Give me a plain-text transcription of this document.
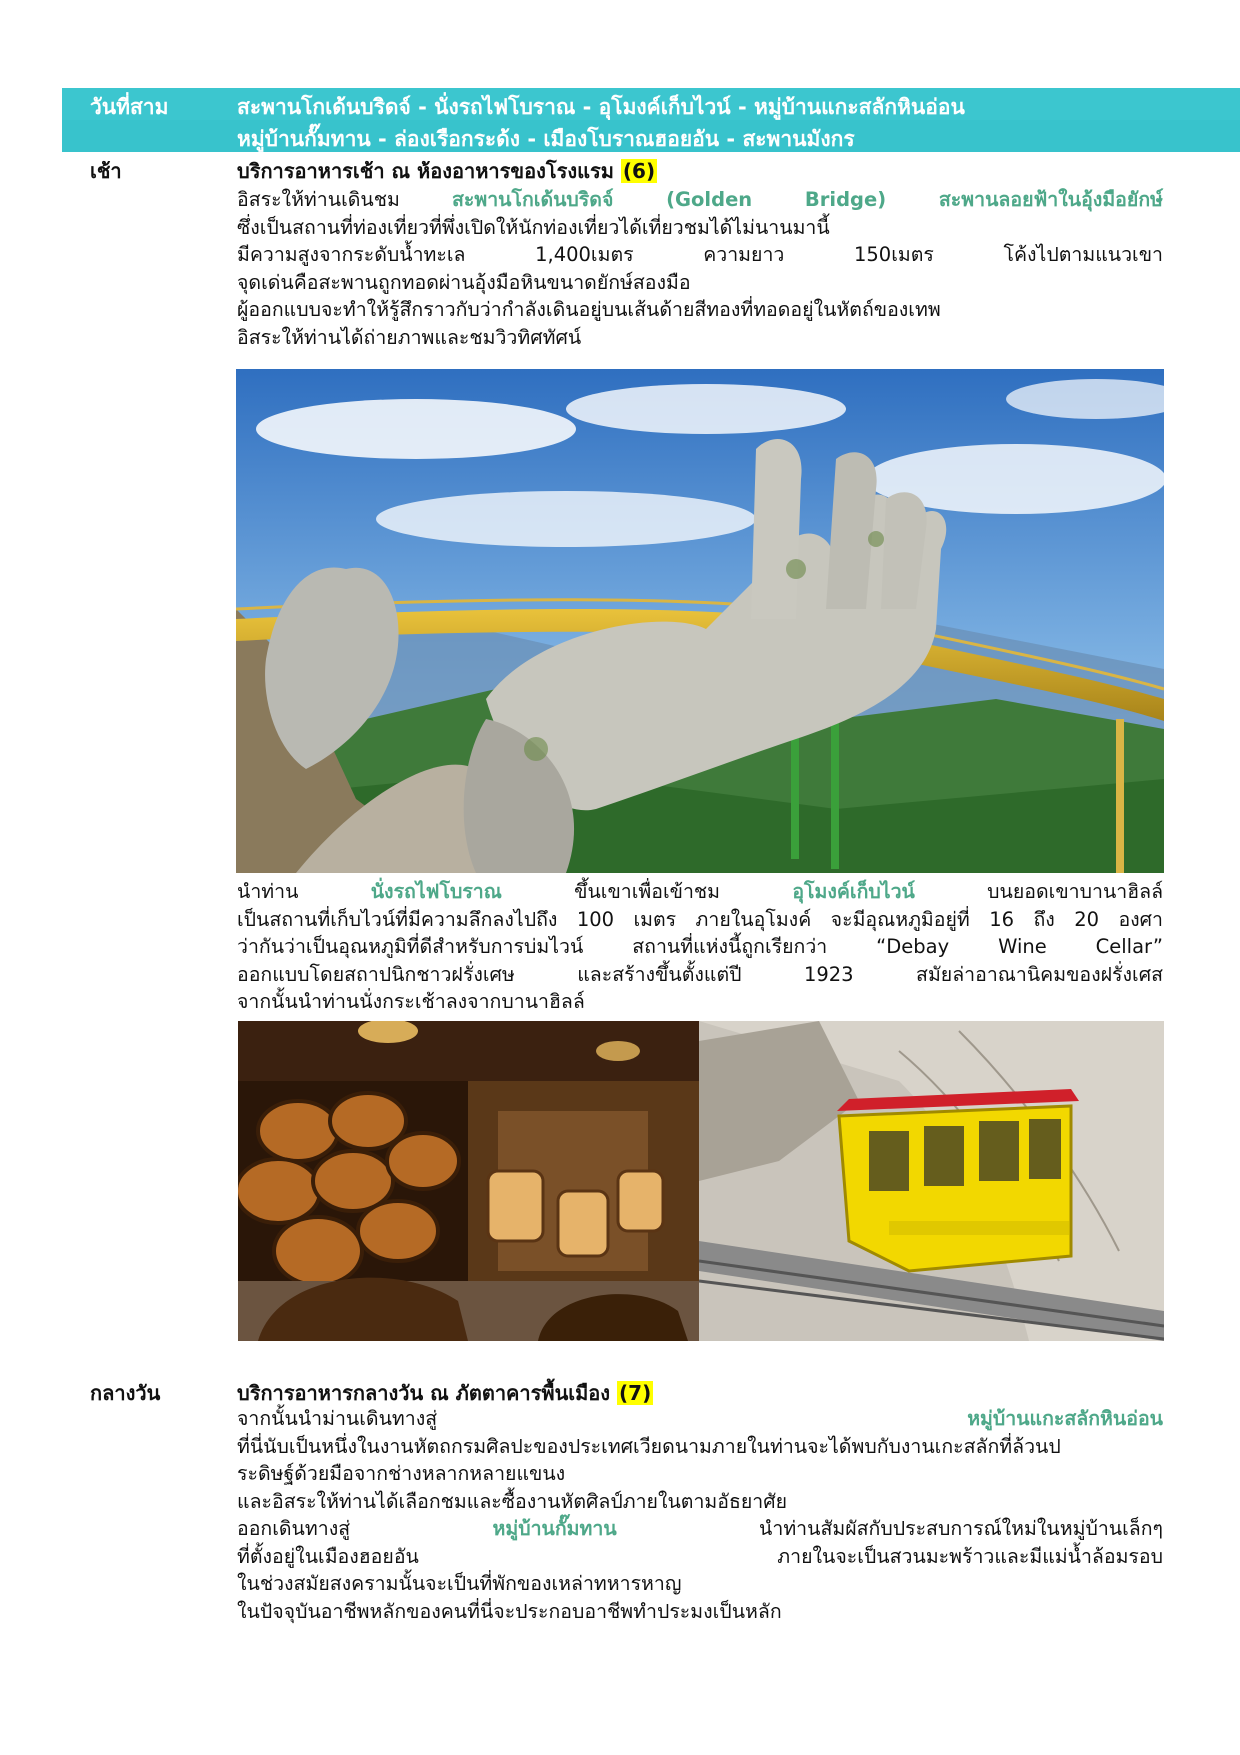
วันที่สาม	สะพานโกเด้นบริดจ์ - นั่งรถไฟโบราณ - อุโมงค์เก็บไวน์ - หมู่บ้านแกะสลักหินอ่อน
หมู่บ้านกั๊มทาน - ล่องเรือกระด้ง - เมืองโบราณฮอยอัน - สะพานมังกร
เช้า	บริการอาหารเช้า ณ ห้องอาหารของโรงแรม (6)
อิสระให้ท่านเดินชม	สะพานโกเด้นบริดจ์ (Golden Bridge) สะพานลอยฟ้าในอุ้งมือยักษ์
ซึ่งเป็นสถานที่ท่องเที่ยวที่พึ่งเปิดให้นักท่องเที่ยวได้เที่ยวชมได้ไม่นานมานี้
มีความสูงจากระดับน้ำทะเล 1,400เมตร ความยาว 150เมตร โค้งไปตามแนวเขา
จุดเด่นคือสะพานถูกทอดผ่านอุ้งมือหินขนาดยักษ์สองมือ
ผู้ออกแบบจะทำให้รู้สึกราวกับว่ากำลังเดินอยู่บนเส้นด้ายสีทองที่ทอดอยู่ในหัตถ์ของเทพ
อิสระให้ท่านได้ถ่ายภาพและชมวิวทิศทัศน์
นำท่าน	นั่งรถไฟโบราณ	ขึ้นเขาเพื่อเข้าชม	อุโมงค์เก็บไวน์	บนยอดเขาบานาฮิลล์
เป็นสถานที่เก็บไวน์ที่มีความลึกลงไปถึง 100 เมตร ภายในอุโมงค์ จะมีอุณหภูมิอยู่ที่ 16 ถึง 20 องศา
ว่ากันว่าเป็นอุณหภูมิที่ดีสำหรับการบ่มไวน์ สถานที่แห่งนี้ถูกเรียกว่า “Debay Wine Cellar”
ออกแบบโดยสถาปนิกชาวฝรั่งเศษ และสร้างขึ้นตั้งแต่ปี 1923 สมัยล่าอาณานิคมของฝรั่งเศส
จากนั้นนำท่านนั่งกระเช้าลงจากบานาฮิลล์
กลางวัน	บริการอาหารกลางวัน ณ ภัตตาคารพื้นเมือง (7)
จากนั้นนำม่านเดินทางสู่	หมู่บ้านแกะสลักหินอ่อน
ที่นี่นับเป็นหนึ่งในงานหัตถกรมศิลปะของประเทศเวียดนามภายในท่านจะได้พบกับงานเกะสลักที่ล้วนป
ระดิษฐ์ด้วยมือจากช่างหลากหลายแขนง
และอิสระให้ท่านได้เลือกชมและซื้องานหัตศิลป์ภายในตามอัธยาศัย
ออกเดินทางสู่	หมู่บ้านกั๊มทาน	นำท่านสัมผัสกับประสบการณ์ใหม่ในหมู่บ้านเล็กๆ
ที่ตั้งอยู่ในเมืองฮอยอัน ภายในจะเป็นสวนมะพร้าวและมีแม่น้ำล้อมรอบ
ในช่วงสมัยสงครามนั้นจะเป็นที่พักของเหล่าทหารหาญ
ในปัจจุบันอาชีพหลักของคนที่นี่จะประกอบอาชีพทำประมงเป็นหลัก
